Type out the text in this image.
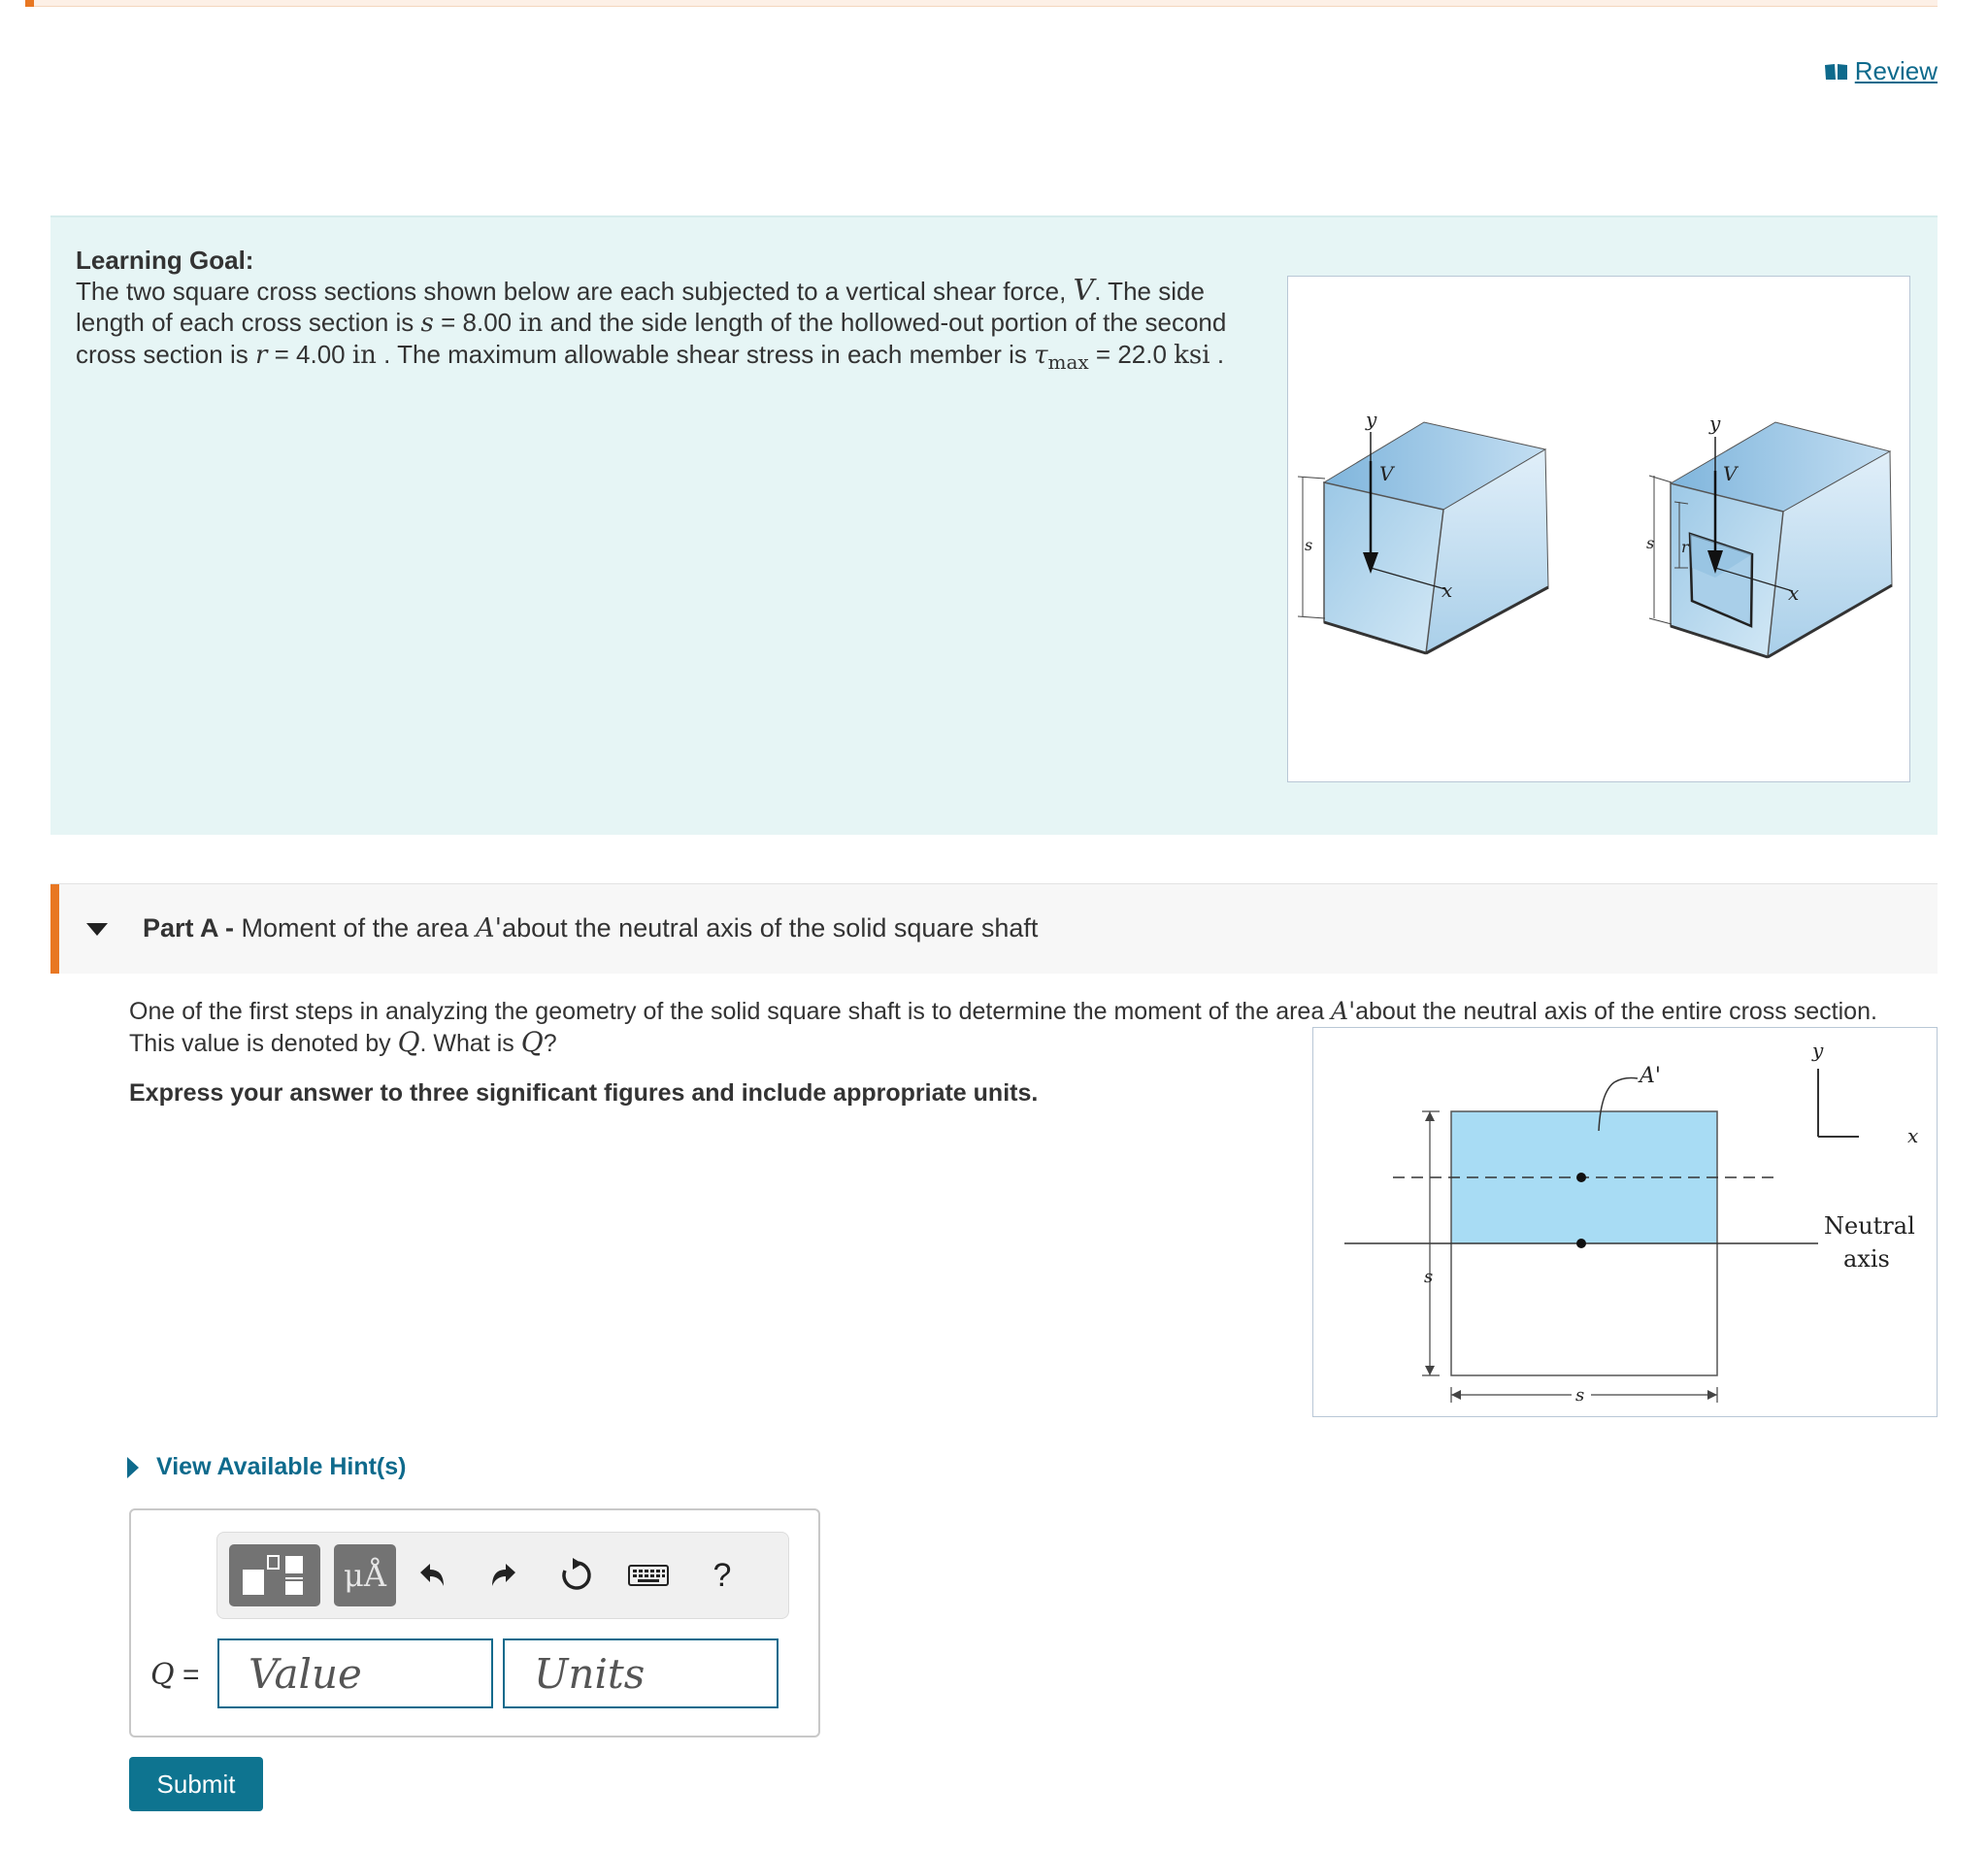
Review
Learning Goal:
The two square cross sections shown below are each subjected to a vertical shear force, V. The side length of each cross section is s = 8.00 in and the side length of the hollowed-out portion of the second cross section is r = 4.00 in . The maximum allowable shear stress in each member is $\tau_{max} = 22.0$ ksi .
y
V
x
s
y
V
x
s r
Part A - Moment of the area A'about the neutral axis of the solid square shaft
One of the first steps in analyzing the geometry of the solid square shaft is to determine the moment of the area A'about the neutral axis of the entire cross section. This value is denoted by Q. What is Q?
Express your answer to three significant figures and include appropriate units.
A'
y
x
Neutral
axis
s
s
View Available Hint(s)
μÅ	?
Q =
Value
Units
Submit
